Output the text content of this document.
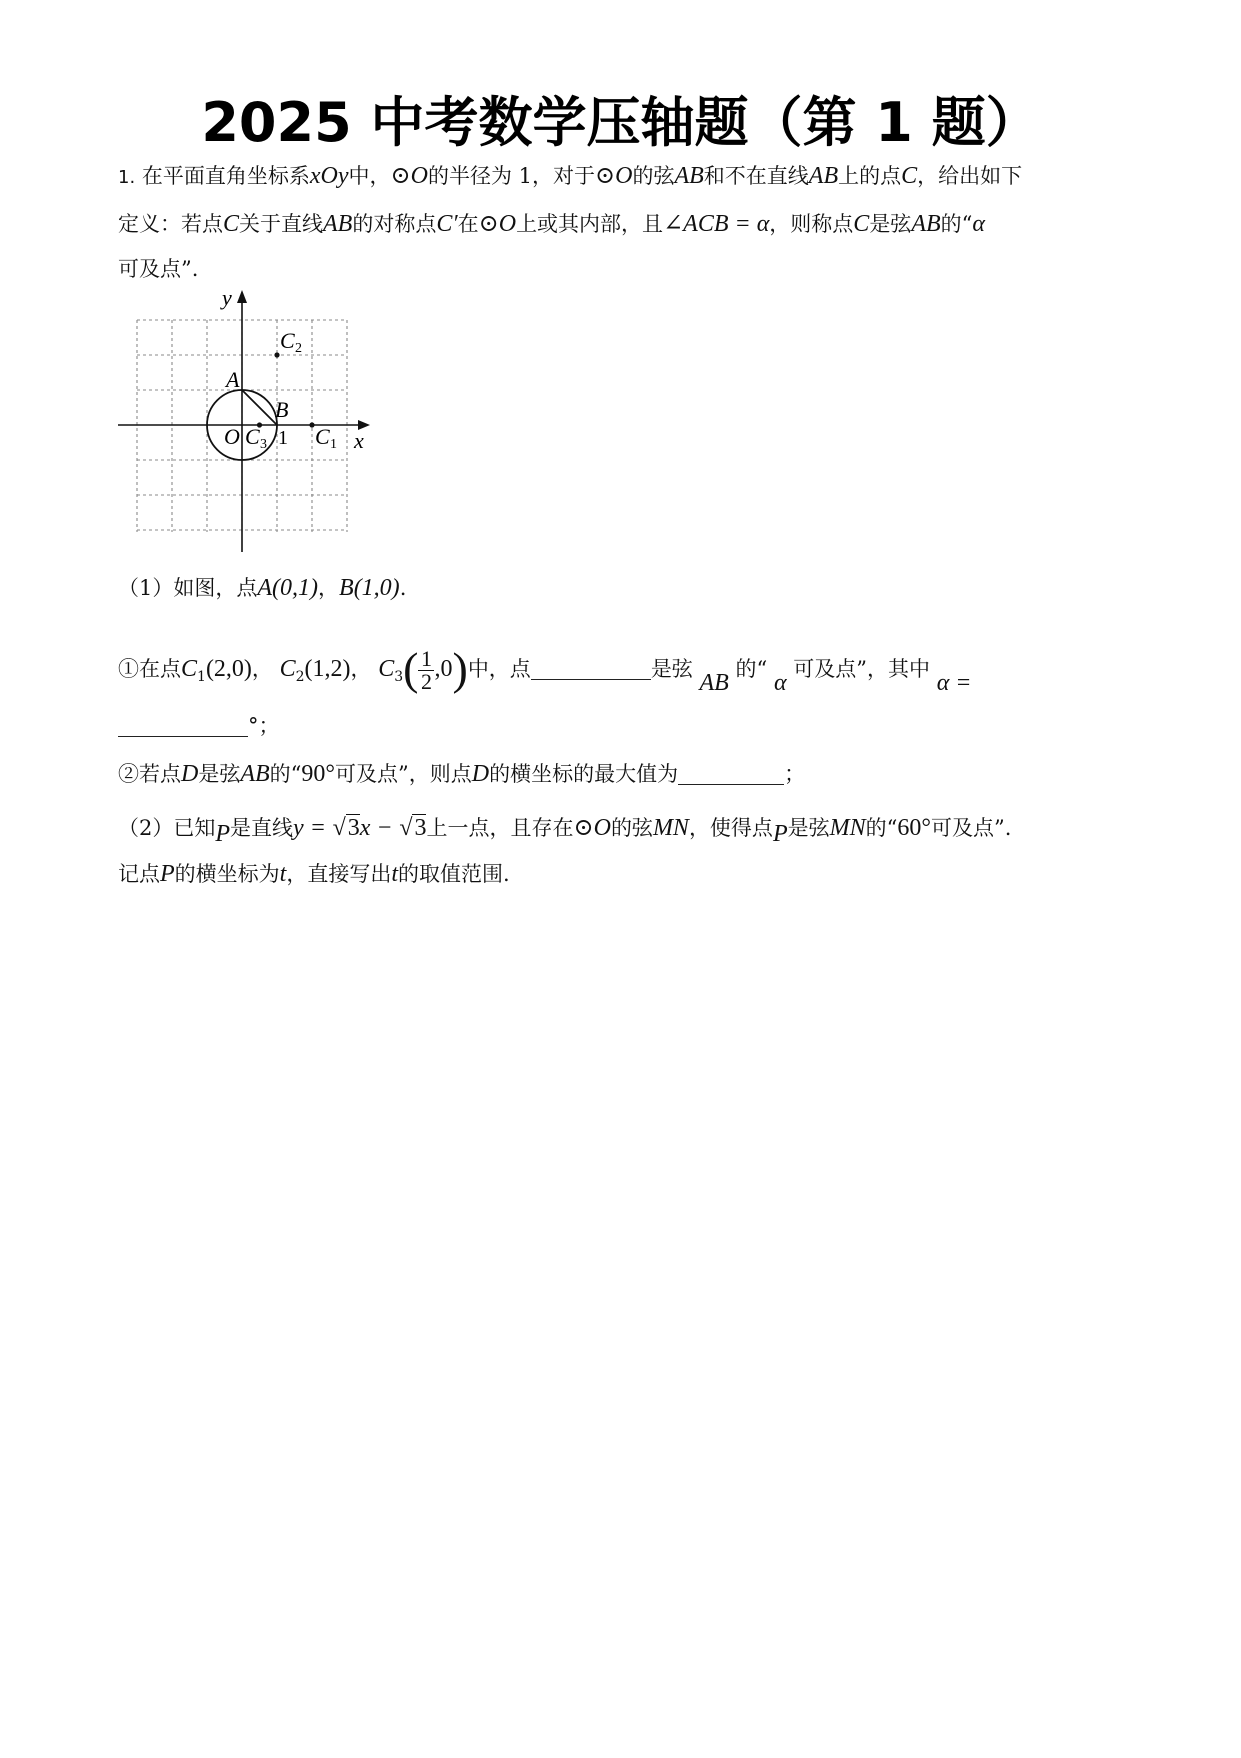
2025 中考数学压轴题（第 1 题）
1. 在平面直角坐标系xOy中，⊙O的半径为 1，对于⊙O的弦AB和不在直线AB上的点C，给出如下
定义：若点C关于直线AB的对称点C′在⊙O上或其内部，且∠ACB = α，则称点C是弦AB的“α
可及点”.
y
x
O 1
A
B
C 1
C 2
C 3
（1）如图，点A(0,1)，B(1,0).
①在点$C_1(2,0)$， $C_2(1,2)$， $C_3( \frac{1}{2} ,0)$中，点	是弦 AB 的“ α 可及点”，其中 α =
°；
②若点D是弦AB的“90°可及点”，则点D的横坐标的最大值为	；
（2）已知P是直线y = √3x − √3上一点，且存在⊙O的弦MN，使得点P是弦MN的“60°可及点”.
记点P的横坐标为t，直接写出t的取值范围.
